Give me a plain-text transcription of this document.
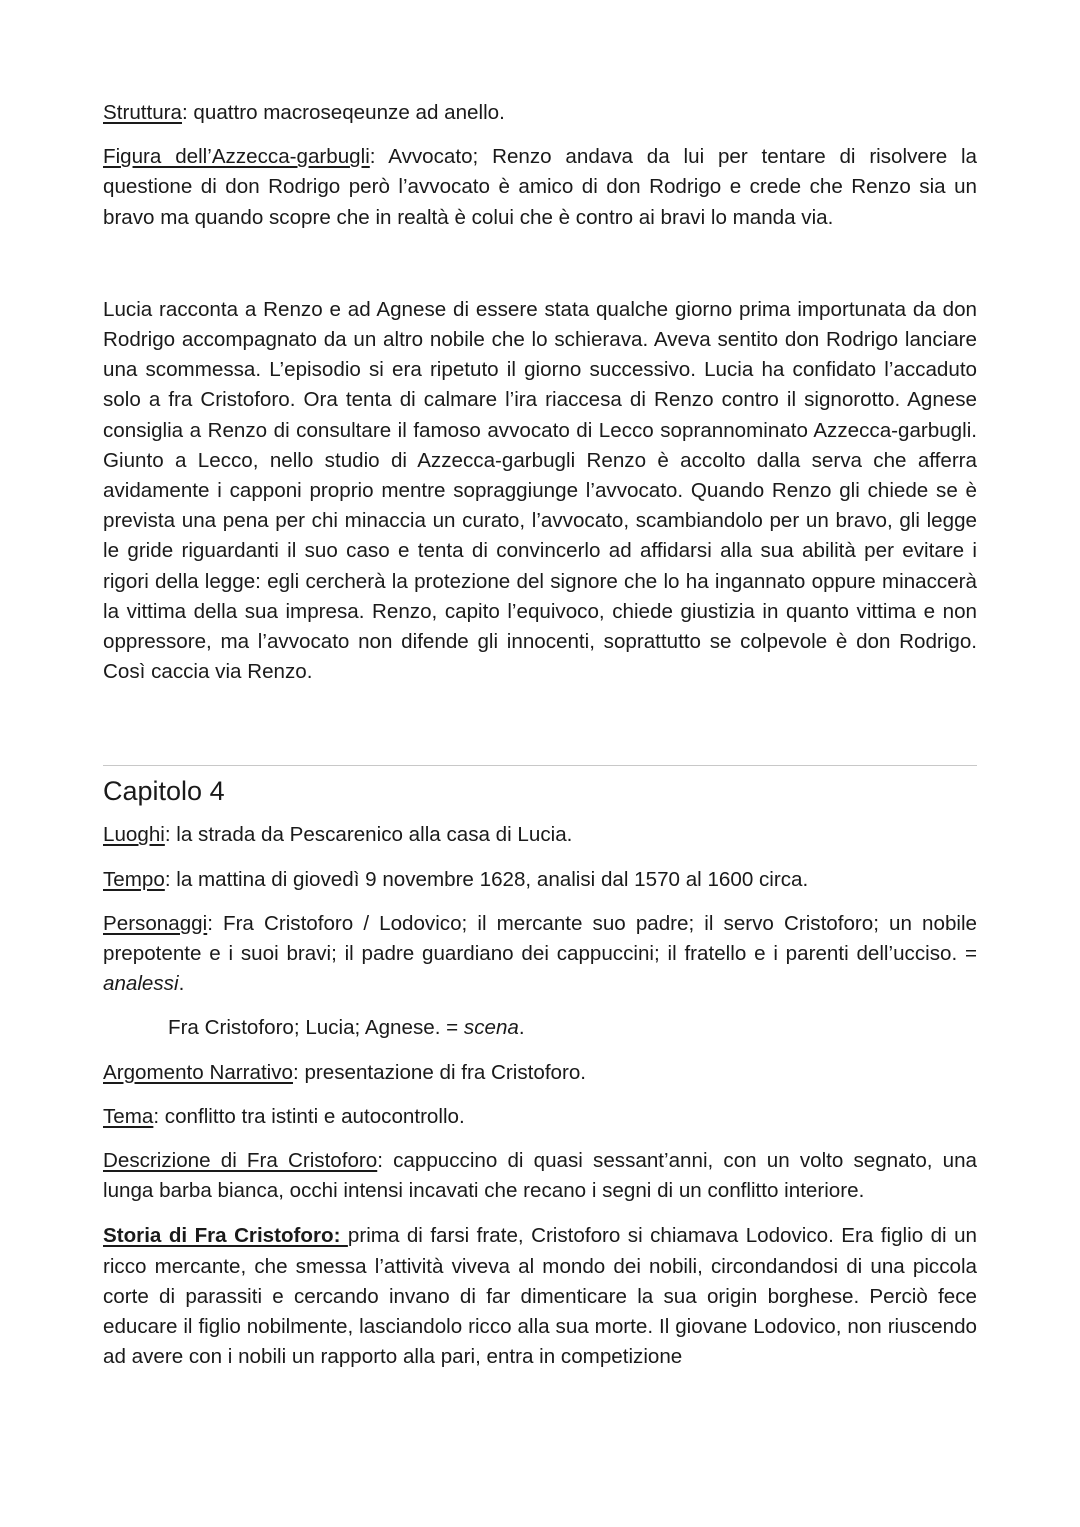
Struttura: quattro macroseqeunze ad anello.

Figura dell’Azzecca-garbugli: Avvocato; Renzo andava da lui per tentare di risolvere la questione di don Rodrigo però l’avvocato è amico di don Rodrigo e crede che Renzo sia un bravo ma quando scopre che in realtà è colui che è contro ai bravi lo manda via.

Lucia racconta a Renzo e ad Agnese di essere stata qualche giorno prima importunata da don Rodrigo accompagnato da un altro nobile che lo schierava. Aveva sentito don Rodrigo lanciare una scommessa. L’episodio si era ripetuto il giorno successivo. Lucia ha confidato l’accaduto solo a fra Cristoforo. Ora tenta di calmare l’ira riaccesa di Renzo contro il signorotto. Agnese consiglia a Renzo di consultare il famoso avvocato di Lecco soprannominato Azzecca-garbugli. Giunto a Lecco, nello studio di Azzecca-garbugli Renzo è accolto dalla serva che afferra avidamente i capponi proprio mentre sopraggiunge l’avvocato. Quando Renzo gli chiede se è prevista una pena per chi minaccia un curato, l’avvocato, scambiandolo per un bravo, gli legge le gride riguardanti il suo caso e tenta di convincerlo ad affidarsi alla sua abilità per evitare i rigori della legge: egli cercherà la protezione del signore che lo ha ingannato oppure minaccerà la vittima della sua impresa. Renzo, capito l’equivoco, chiede giustizia in quanto vittima e non oppressore, ma l’avvocato non difende gli innocenti, soprattutto se colpevole è don Rodrigo. Così caccia via Renzo.

Capitolo 4

Luoghi: la strada da Pescarenico alla casa di Lucia.

Tempo: la mattina di giovedì 9 novembre 1628, analisi dal 1570 al 1600 circa.

Personaggi: Fra Cristoforo / Lodovico; il mercante suo padre; il servo Cristoforo; un nobile prepotente e i suoi bravi; il padre guardiano dei cappuccini; il fratello e i parenti dell’ucciso. = analessi.

Fra Cristoforo; Lucia; Agnese. = scena.

Argomento Narrativo: presentazione di fra Cristoforo.

Tema: conflitto tra istinti e autocontrollo.

Descrizione di Fra Cristoforo: cappuccino di quasi sessant’anni, con un volto segnato, una lunga barba bianca, occhi intensi incavati che recano i segni di un conflitto interiore.

Storia di Fra Cristoforo: prima di farsi frate, Cristoforo si chiamava Lodovico. Era figlio di un ricco mercante, che smessa l’attività viveva al mondo dei nobili, circondandosi di una piccola corte di parassiti e cercando invano di far dimenticare la sua origin borghese. Perciò fece educare il figlio nobilmente, lasciandolo ricco alla sua morte. Il giovane Lodovico, non riuscendo ad avere con i nobili un rapporto alla pari, entra in competizione
